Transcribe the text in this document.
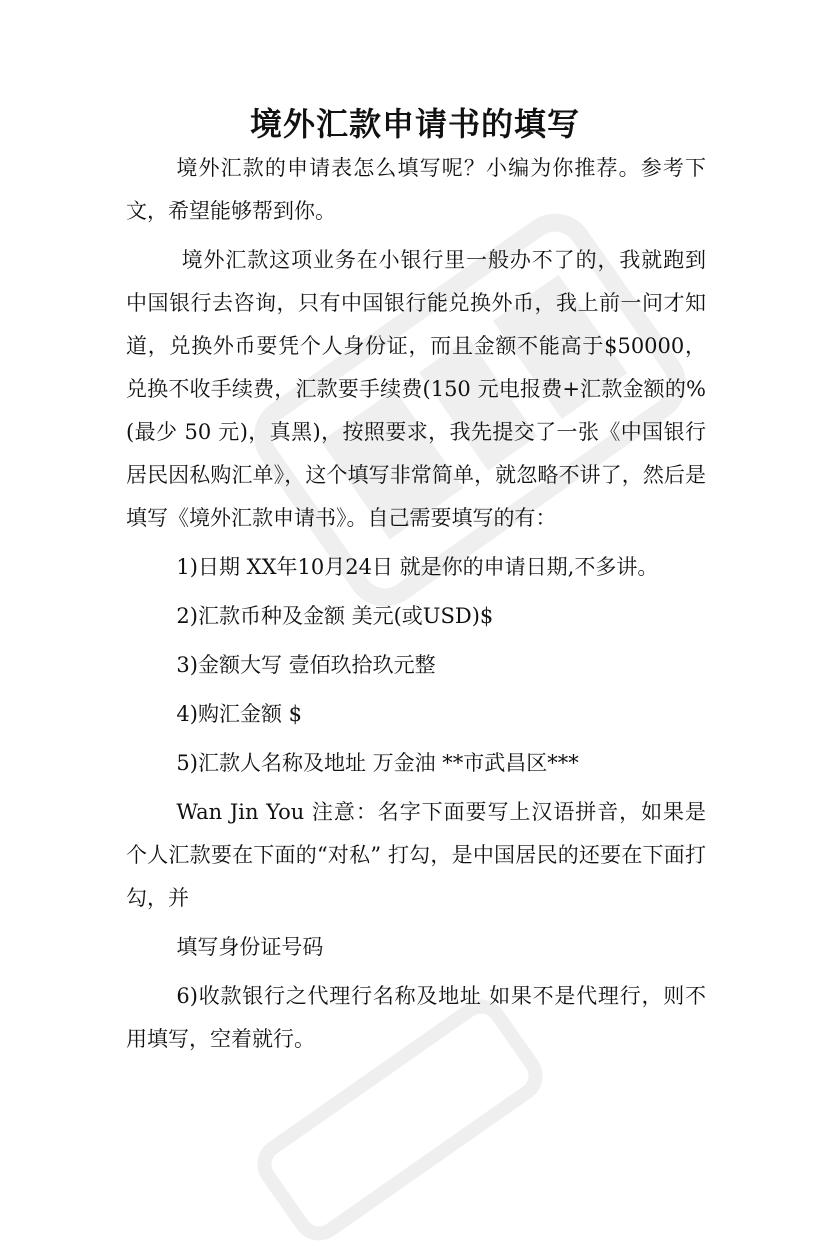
境外汇款申请书的填写

境外汇款的申请表怎么填写呢？小编为你推荐。参考下文，希望能够帮到你。

境外汇款这项业务在小银行里一般办不了的，我就跑到中国银行去咨询，只有中国银行能兑换外币，我上前一问才知道，兑换外币要凭个人身份证，而且金额不能高于$50000，兑换不收手续费，汇款要手续费(150 元电报费+汇款金额的%(最少 50 元)，真黑)，按照要求，我先提交了一张《中国银行居民因私购汇单》，这个填写非常简单，就忽略不讲了，然后是填写《境外汇款申请书》。自己需要填写的有：

1)日期 XX年10月24日 就是你的申请日期,不多讲。

2)汇款币种及金额 美元(或USD)$

3)金额大写 壹佰玖拾玖元整

4)购汇金额 $

5)汇款人名称及地址 万金油 **市武昌区***

Wan Jin You 注意：名字下面要写上汉语拼音，如果是个人汇款要在下面的“对私” 打勾，是中国居民的还要在下面打勾，并

填写身份证号码

6)收款银行之代理行名称及地址 如果不是代理行，则不用填写，空着就行。
